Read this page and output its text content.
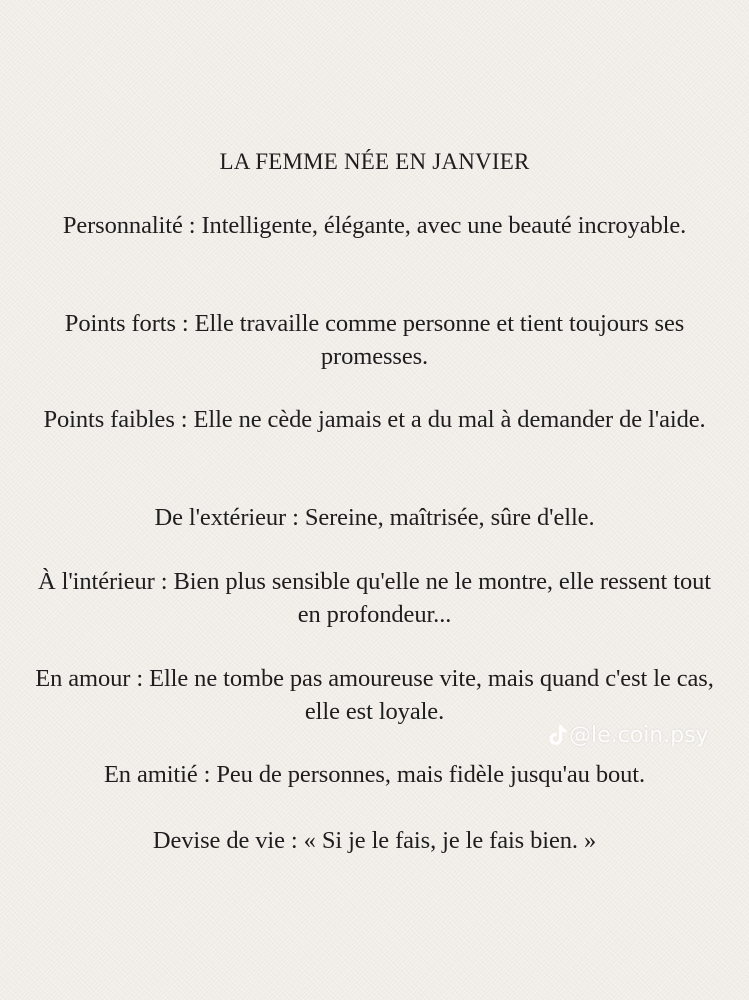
LA FEMME NÉE EN JANVIER
Personnalité : Intelligente, élégante, avec une beauté incroyable.
Points forts : Elle travaille comme personne et tient toujours ses promesses.
Points faibles : Elle ne cède jamais et a du mal à demander de l'aide.
De l'extérieur : Sereine, maîtrisée, sûre d'elle.
À l'intérieur : Bien plus sensible qu'elle ne le montre, elle ressent tout en profondeur...
En amour : Elle ne tombe pas amoureuse vite, mais quand c'est le cas, elle est loyale.
En amitié : Peu de personnes, mais fidèle jusqu'au bout.
Devise de vie : « Si je le fais, je le fais bien. »
@le.coin.psy
